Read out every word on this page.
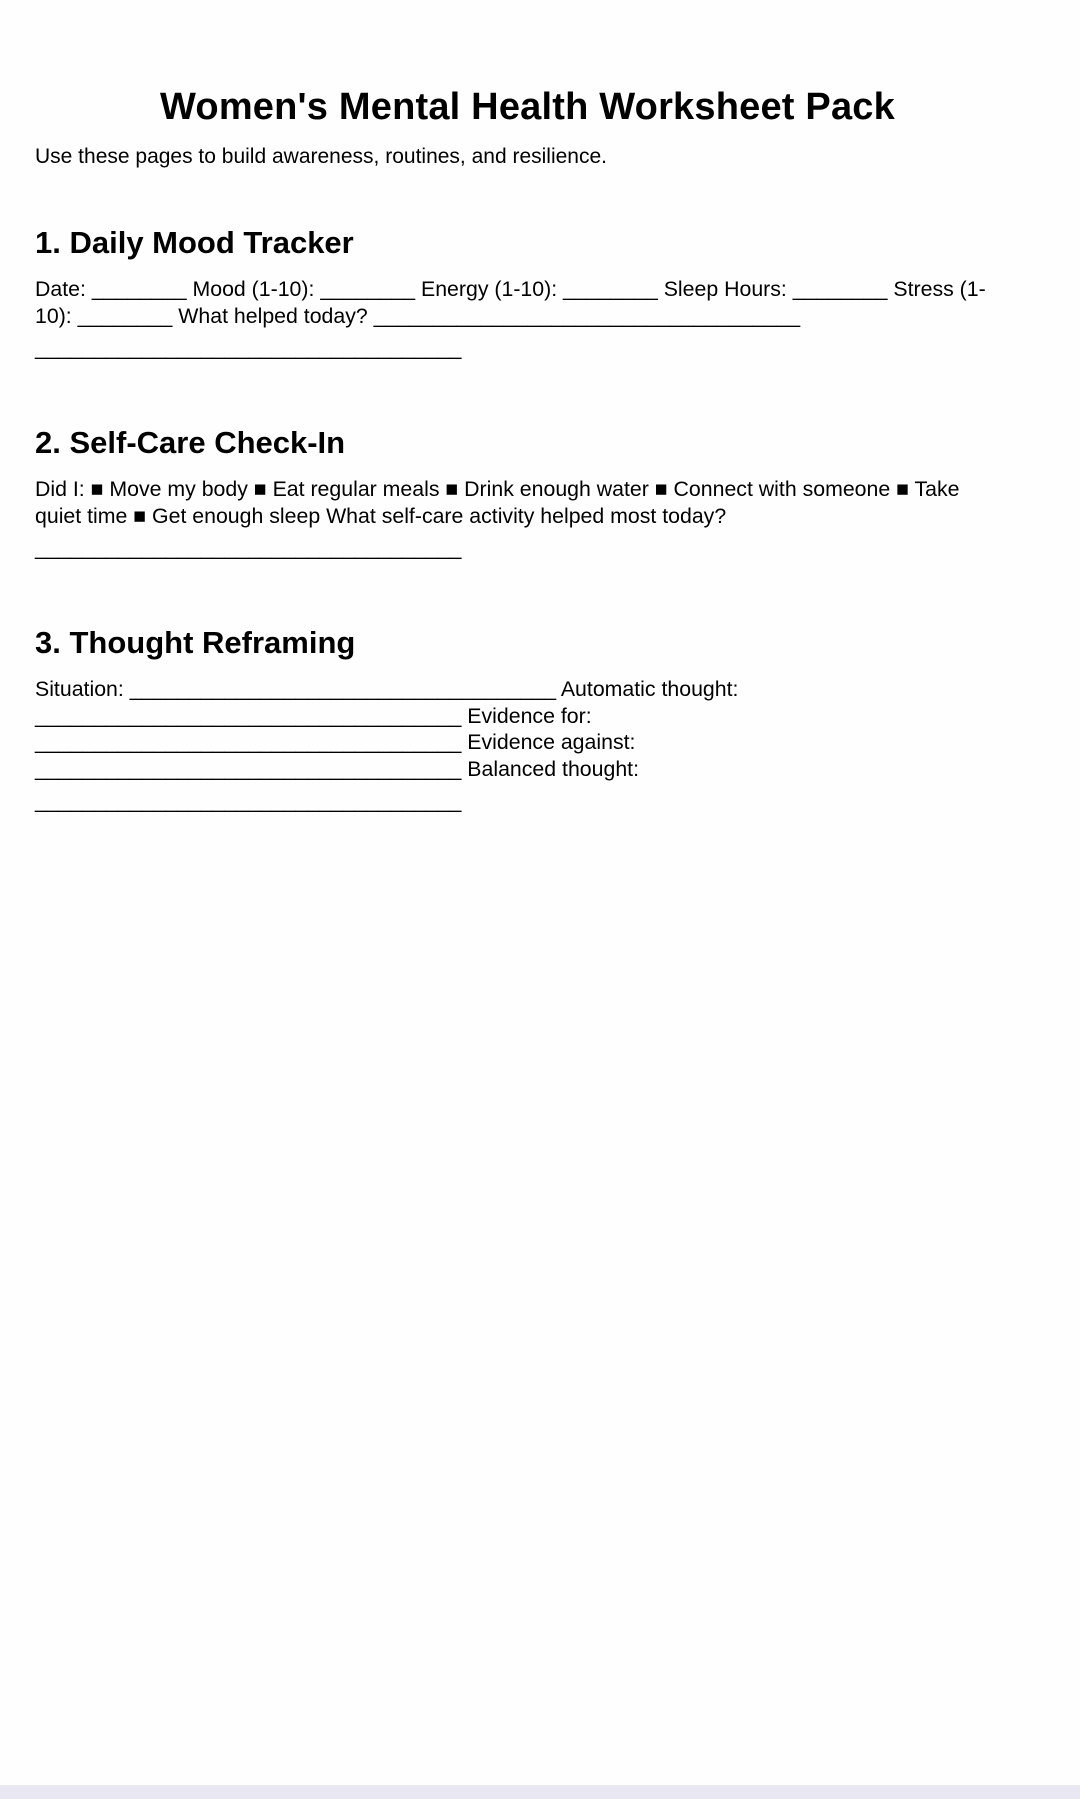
Women's Mental Health Worksheet Pack

Use these pages to build awareness, routines, and resilience.

1. Daily Mood Tracker

Date: ________ Mood (1-10): ________ Energy (1-10): ________ Sleep Hours: ________ Stress (1-10): ________ What helped today? ____________________________________

____________________________________
2. Self-Care Check-In

Did I: ■ Move my body ■ Eat regular meals ■ Drink enough water ■ Connect with someone ■ Take quiet time ■ Get enough sleep What self-care activity helped most today?

____________________________________
3. Thought Reframing

Situation: ____________________________________ Automatic thought: ____________________________________ Evidence for: ____________________________________ Evidence against: ____________________________________ Balanced thought:

____________________________________
